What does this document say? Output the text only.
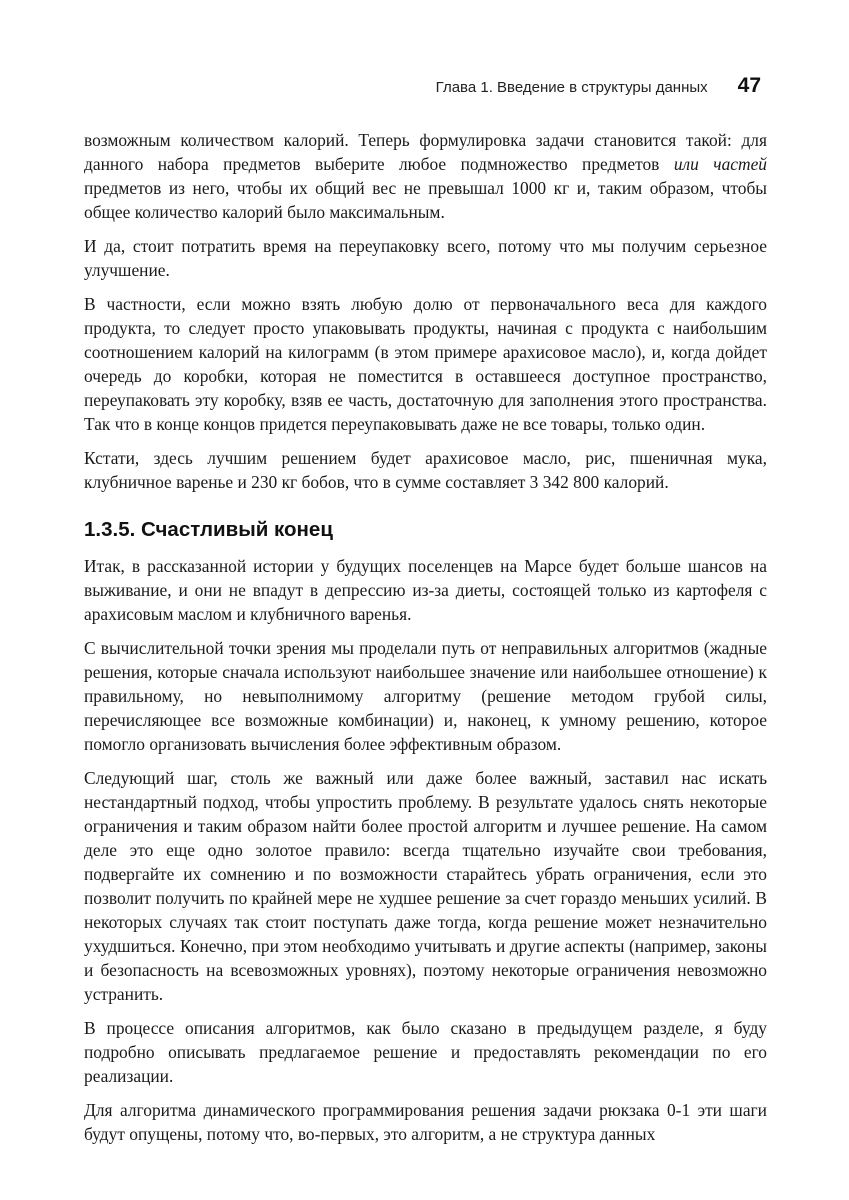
Глава 1. Введение в структуры данных 47

возможным количеством калорий. Теперь формулировка задачи становится такой: для данного набора предметов выберите любое подмножество предметов или частей предметов из него, чтобы их общий вес не превышал 1000 кг и, таким образом, чтобы общее количество калорий было максимальным.

И да, стоит потратить время на переупаковку всего, потому что мы получим серьезное улучшение.

В частности, если можно взять любую долю от первоначального веса для каждого продукта, то следует просто упаковывать продукты, начиная с продукта с наибольшим соотношением калорий на килограмм (в этом примере арахисовое масло), и, когда дойдет очередь до коробки, которая не поместится в оставшееся доступное пространство, переупаковать эту коробку, взяв ее часть, достаточную для заполнения этого пространства. Так что в конце концов придется переупаковывать даже не все товары, только один.

Кстати, здесь лучшим решением будет арахисовое масло, рис, пшеничная мука, клубничное варенье и 230 кг бобов, что в сумме составляет 3 342 800 калорий.

1.3.5. Счастливый конец

Итак, в рассказанной истории у будущих поселенцев на Марсе будет больше шансов на выживание, и они не впадут в депрессию из-за диеты, состоящей только из картофеля с арахисовым маслом и клубничного варенья.

С вычислительной точки зрения мы проделали путь от неправильных алгоритмов (жадные решения, которые сначала используют наибольшее значение или наибольшее отношение) к правильному, но невыполнимому алгоритму (решение методом грубой силы, перечисляющее все возможные комбинации) и, наконец, к умному решению, которое помогло организовать вычисления более эффективным образом.

Следующий шаг, столь же важный или даже более важный, заставил нас искать нестандартный подход, чтобы упростить проблему. В результате удалось снять некоторые ограничения и таким образом найти более простой алгоритм и лучшее решение. На самом деле это еще одно золотое правило: всегда тщательно изучайте свои требования, подвергайте их сомнению и по возможности старайтесь убрать ограничения, если это позволит получить по крайней мере не худшее решение за счет гораздо меньших усилий. В некоторых случаях так стоит поступать даже тогда, когда решение может незначительно ухудшиться. Конечно, при этом необходимо учитывать и другие аспекты (например, законы и безопасность на всевозможных уровнях), поэтому некоторые ограничения невозможно устранить.

В процессе описания алгоритмов, как было сказано в предыдущем разделе, я буду подробно описывать предлагаемое решение и предоставлять рекомендации по его реализации.

Для алгоритма динамического программирования решения задачи рюкзака 0-1 эти шаги будут опущены, потому что, во-первых, это алгоритм, а не структура данных
